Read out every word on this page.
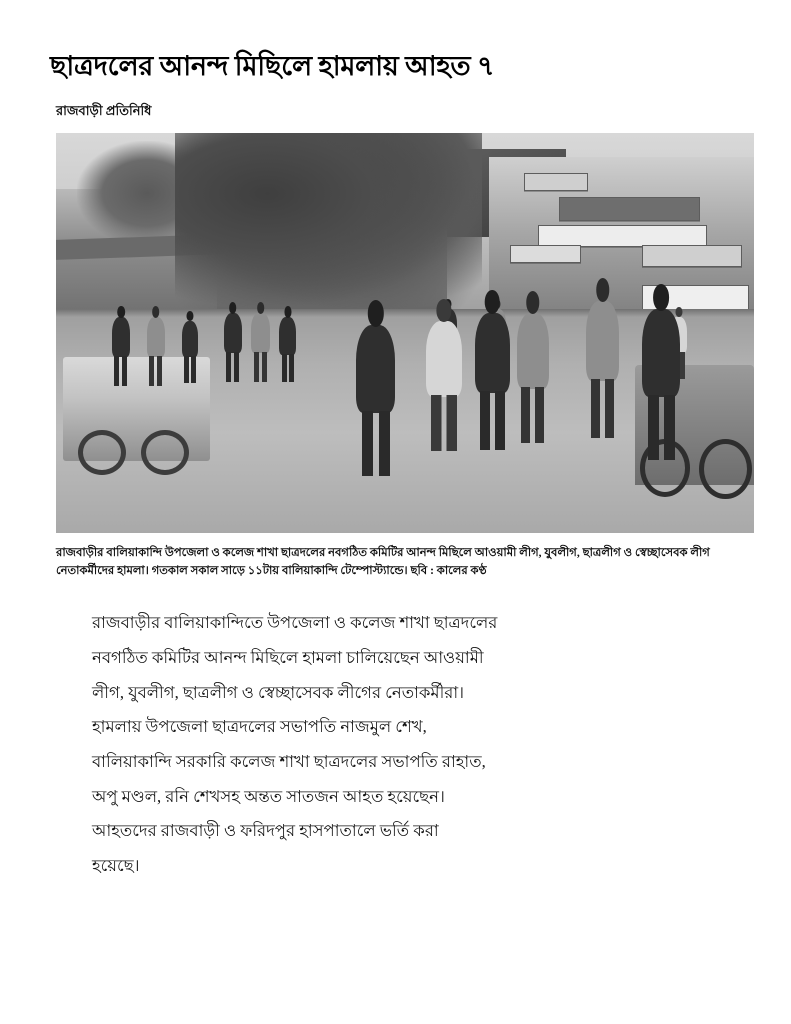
ছাত্রদলের আনন্দ মিছিলে হামলায় আহত ৭
রাজবাড়ী প্রতিনিধি
রাজবাড়ীর বালিয়াকান্দি উপজেলা ও কলেজ শাখা ছাত্রদলের নবগঠিত কমিটির আনন্দ মিছিলে আওয়ামী লীগ, যুবলীগ, ছাত্রলীগ ও স্বেচ্ছাসেবক লীগ নেতাকর্মীদের হামলা। গতকাল সকাল সাড়ে ১১টায় বালিয়াকান্দি টেম্পোস্ট্যান্ডে। ছবি : কালের কণ্ঠ

রাজবাড়ীর বালিয়াকান্দিতে উপজেলা ও কলেজ শাখা ছাত্রদলের

নবগঠিত কমিটির আনন্দ মিছিলে হামলা চালিয়েছেন আওয়ামী

লীগ, যুবলীগ, ছাত্রলীগ ও স্বেচ্ছাসেবক লীগের নেতাকর্মীরা।

হামলায় উপজেলা ছাত্রদলের সভাপতি নাজমুল শেখ,

বালিয়াকান্দি সরকারি কলেজ শাখা ছাত্রদলের সভাপতি রাহাত,

অপু মণ্ডল, রনি শেখসহ অন্তত সাতজন আহত হয়েছেন।

আহতদের রাজবাড়ী ও ফরিদপুর হাসপাতালে ভর্তি করা

হয়েছে।
